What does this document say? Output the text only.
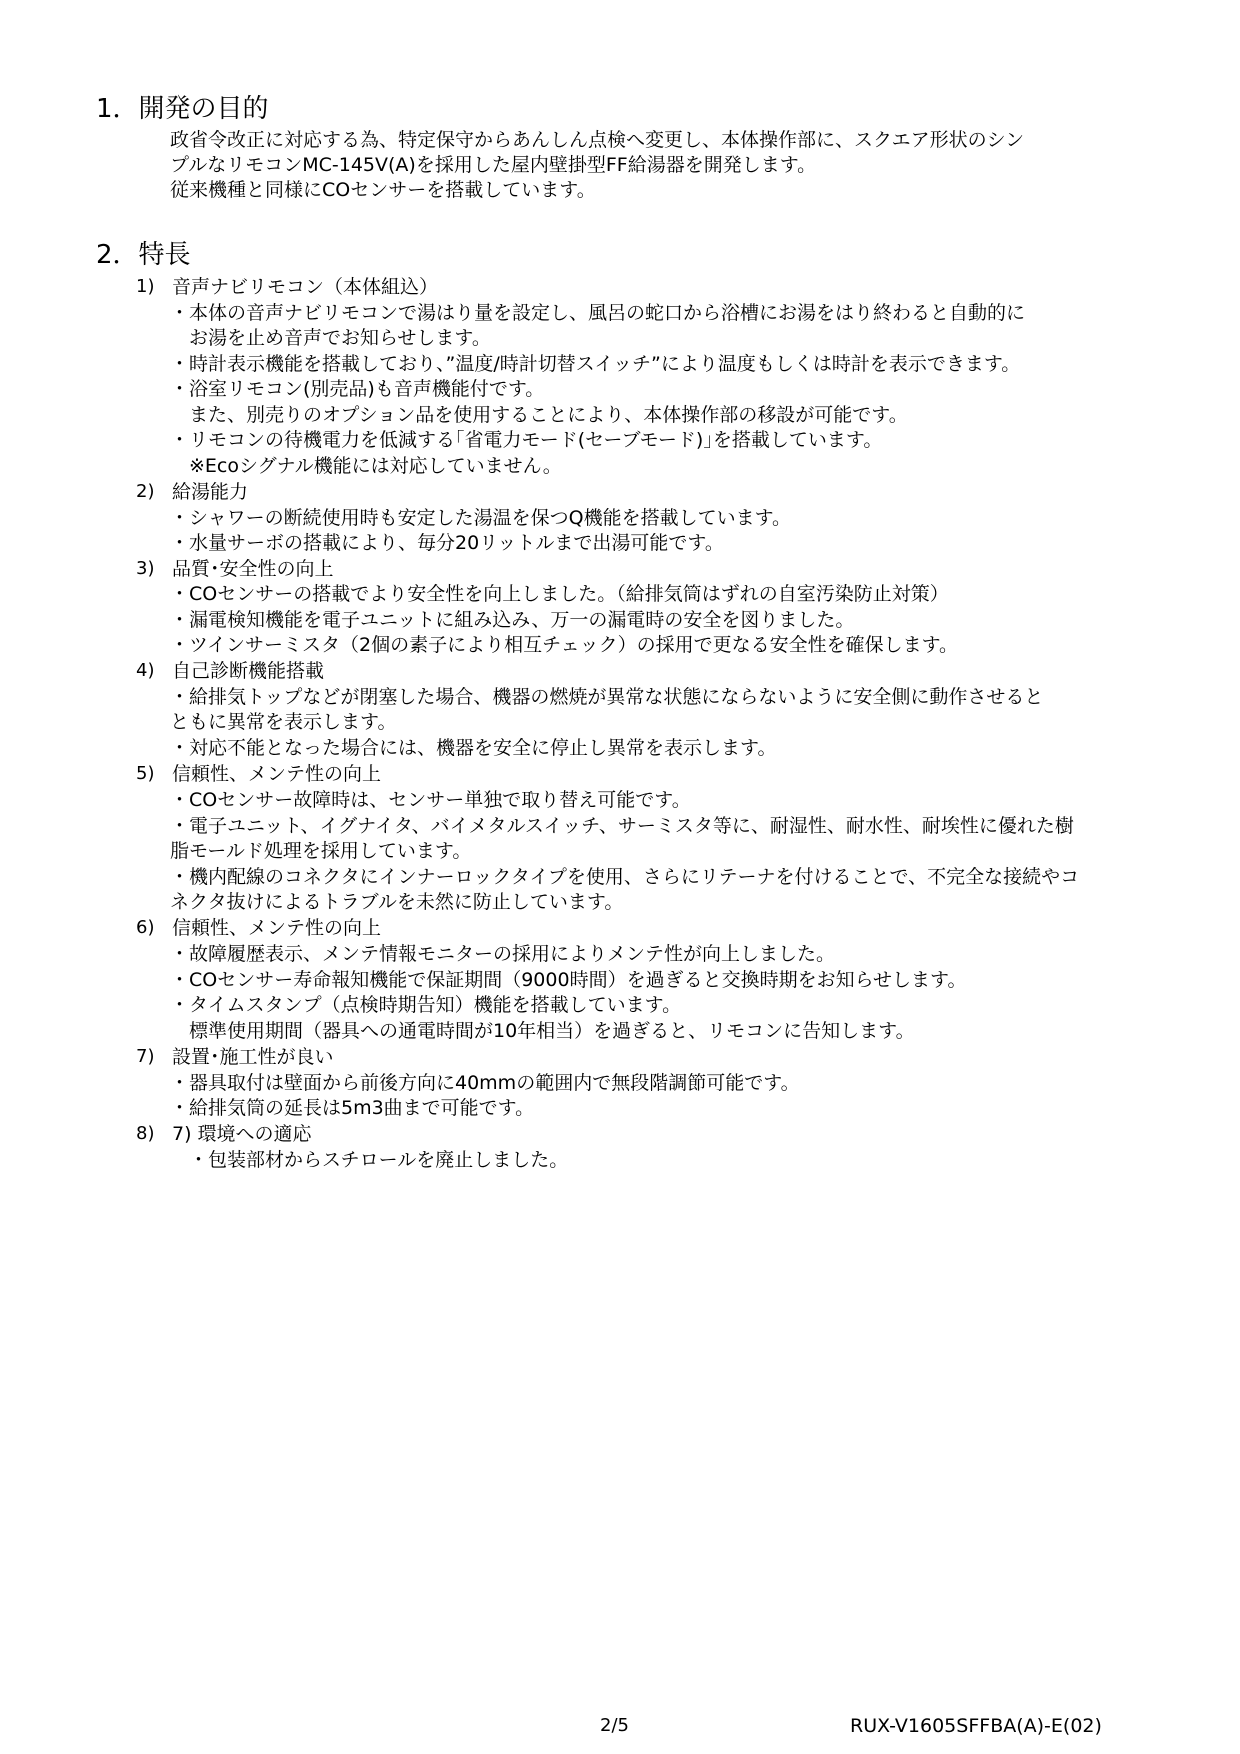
1．開発の目的
政省令改正に対応する為、特定保守からあんしん点検へ変更し、本体操作部に、スクエア形状のシン
プルなリモコンMC-145V(A)を採用した屋内壁掛型FF給湯器を開発します。
従来機種と同様にCOセンサーを搭載しています。
2．特長
1) 音声ナビリモコン（本体組込）
・本体の音声ナビリモコンで湯はり量を設定し、風呂の蛇口から浴槽にお湯をはり終わると自動的に
　お湯を止め音声でお知らせします。
・時計表示機能を搭載しており、”温度/時計切替スイッチ”により温度もしくは時計を表示できます。
・浴室リモコン(別売品)も音声機能付です。
　また、別売りのオプション品を使用することにより、本体操作部の移設が可能です。
・リモコンの待機電力を低減する｢省電力モード(セーブモード)｣を搭載しています。
　※Ecoシグナル機能には対応していません。
2) 給湯能力
・シャワーの断続使用時も安定した湯温を保つQ機能を搭載しています。
・水量サーボの搭載により、毎分20リットルまで出湯可能です。
3) 品質･安全性の向上
・COセンサーの搭載でより安全性を向上しました。（給排気筒はずれの自室汚染防止対策）
・漏電検知機能を電子ユニットに組み込み、万一の漏電時の安全を図りました。
・ツインサーミスタ（2個の素子により相互チェック）の採用で更なる安全性を確保します。
4) 自己診断機能搭載
・給排気トップなどが閉塞した場合、機器の燃焼が異常な状態にならないように安全側に動作させると
ともに異常を表示します。
・対応不能となった場合には、機器を安全に停止し異常を表示します。
5) 信頼性、メンテ性の向上
・COセンサー故障時は、センサー単独で取り替え可能です。
・電子ユニット、イグナイタ、バイメタルスイッチ、サーミスタ等に、耐湿性、耐水性、耐埃性に優れた樹
脂モールド処理を採用しています。
・機内配線のコネクタにインナーロックタイプを使用、さらにリテーナを付けることで、不完全な接続やコ
ネクタ抜けによるトラブルを未然に防止しています。
6) 信頼性、メンテ性の向上
・故障履歴表示、メンテ情報モニターの採用によりメンテ性が向上しました。
・COセンサー寿命報知機能で保証期間（9000時間）を過ぎると交換時期をお知らせします。
・タイムスタンプ（点検時期告知）機能を搭載しています。
　標準使用期間（器具への通電時間が10年相当）を過ぎると、リモコンに告知します。
7) 設置･施工性が良い
・器具取付は壁面から前後方向に40mmの範囲内で無段階調節可能です。
・給排気筒の延長は5m3曲まで可能です。
8) 7) 環境への適応
　・包装部材からスチロールを廃止しました。
2/5	RUX-V1605SFFBA(A)-E(02)
